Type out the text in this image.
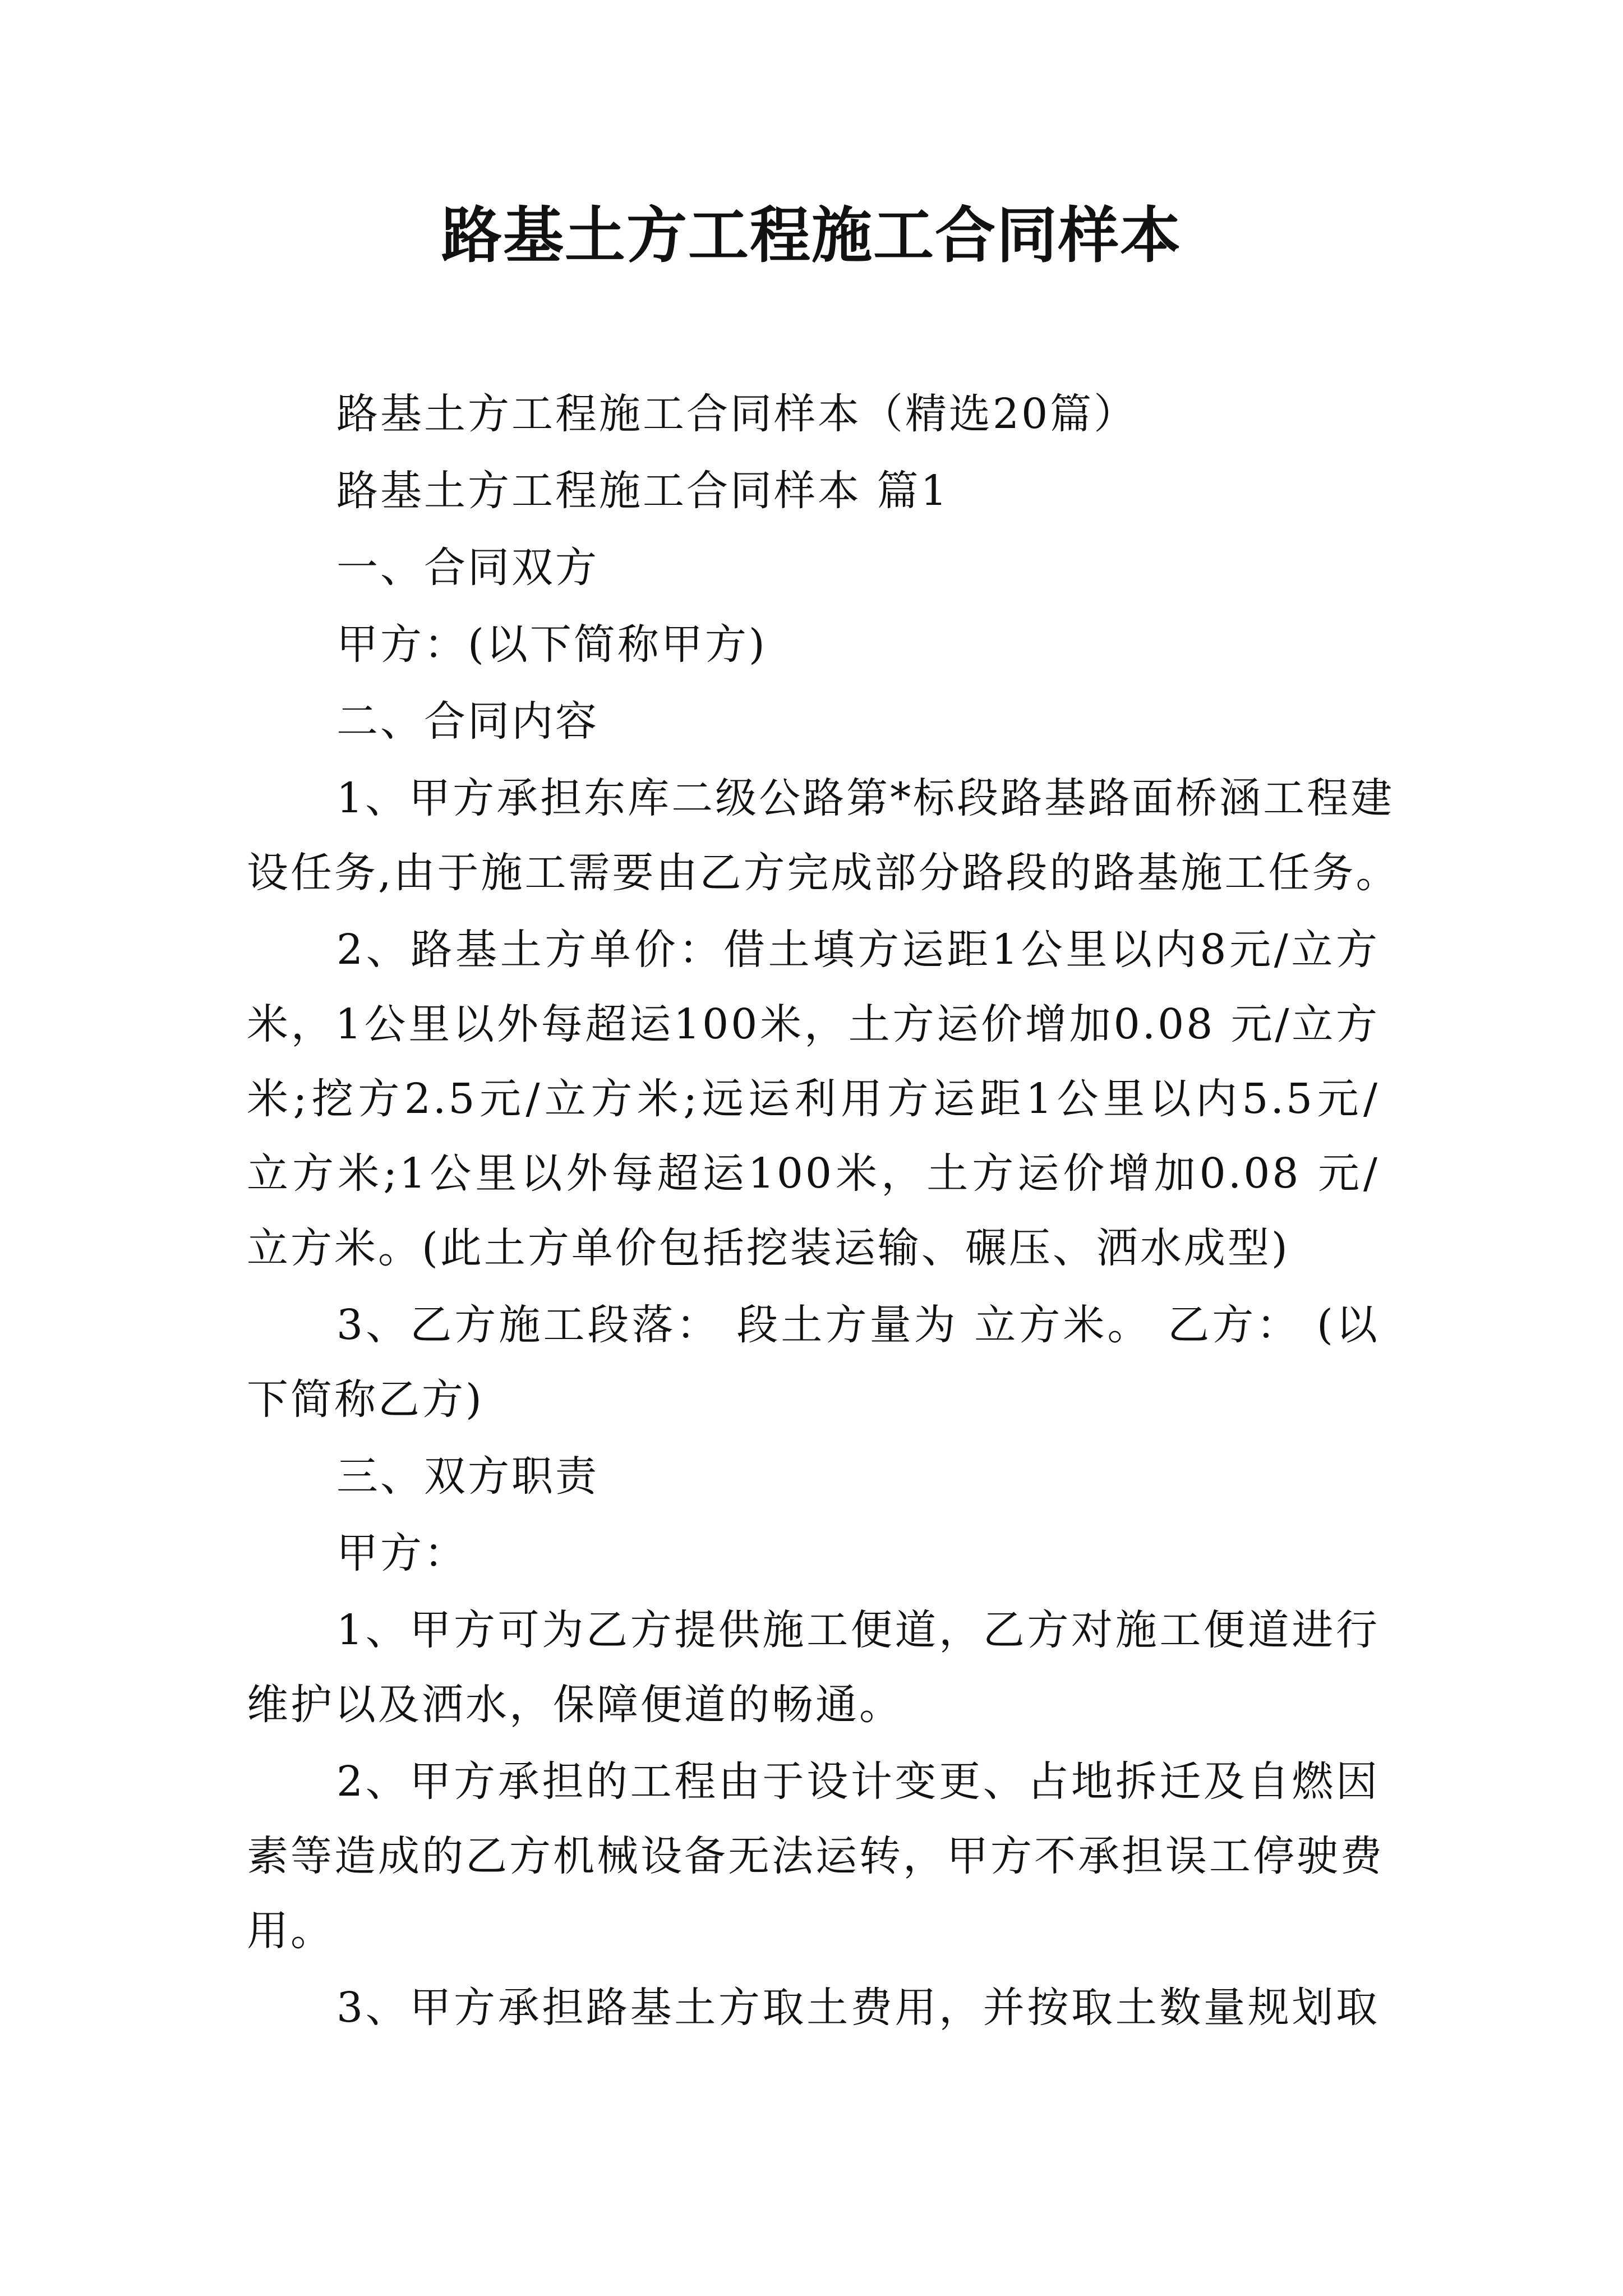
路基土方工程施工合同样本
路基土方工程施工合同样本（精选20篇）
路基土方工程施工合同样本 篇1
一、合同双方
甲方：(以下简称甲方)
二、合同内容
1、甲方承担东库二级公路第*标段路基路面桥涵工程建
设任务,由于施工需要由乙方完成部分路段的路基施工任务。
2、路基土方单价：借土填方运距1公里以内8元/立方
米，1公里以外每超运100米，土方运价增加0.08 元/立方
米;挖方2.5元/立方米;远运利用方运距1公里以内5.5元/
立方米;1公里以外每超运100米，土方运价增加0.08 元/
立方米。(此土方单价包括挖装运输、碾压、洒水成型)
3、乙方施工段落： 段土方量为 立方米。 乙方： (以
下简称乙方)
三、双方职责
甲方：
1、甲方可为乙方提供施工便道，乙方对施工便道进行
维护以及洒水，保障便道的畅通。
2、甲方承担的工程由于设计变更、占地拆迁及自燃因
素等造成的乙方机械设备无法运转，甲方不承担误工停驶费
用。
3、甲方承担路基土方取土费用，并按取土数量规划取
